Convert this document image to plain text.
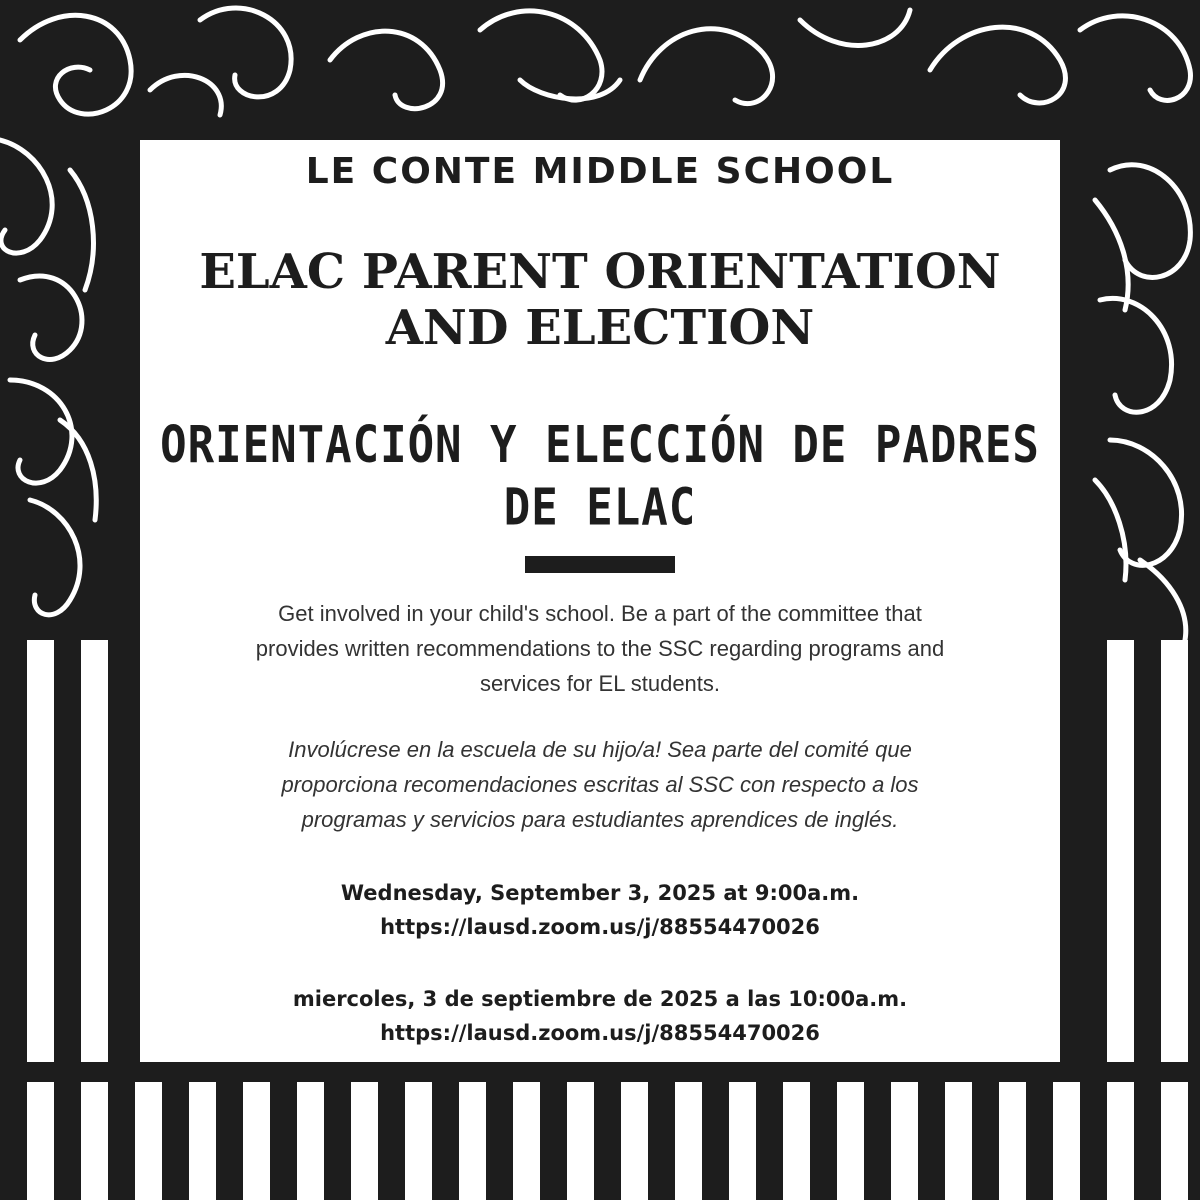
LE CONTE MIDDLE SCHOOL
ELAC PARENT ORIENTATION
AND ELECTION
ORIENTACIÓN Y ELECCIÓN DE PADRES
DE ELAC
Get involved in your child's school. Be a part of the committee that
provides written recommendations to the SSC regarding programs and
services for EL students.
Involúcrese en la escuela de su hijo/a! Sea parte del comité que
proporciona recomendaciones escritas al SSC con respecto a los
programas y servicios para estudiantes aprendices de inglés.
Wednesday, September 3, 2025 at 9:00a.m.
https://lausd.zoom.us/j/88554470026
miercoles, 3 de septiembre de 2025 a las 10:00a.m.
https://lausd.zoom.us/j/88554470026
